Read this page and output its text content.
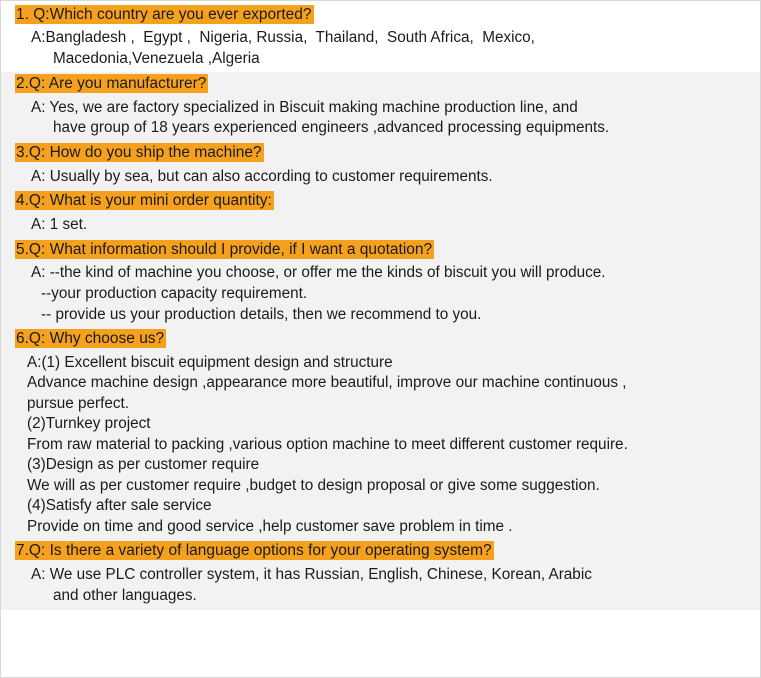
1. Q:Which country are you ever exported?
A:Bangladesh ,  Egypt ,  Nigeria, Russia,  Thailand,  South Africa,  Mexico,
Macedonia,Venezuela ,Algeria
2.Q: Are you manufacturer?
A: Yes, we are factory specialized in Biscuit making machine production line, and
have group of 18 years experienced engineers ,advanced processing equipments.
3.Q: How do you ship the machine?
A: Usually by sea, but can also according to customer requirements.
4.Q: What is your mini order quantity:
A: 1 set.
5.Q: What information should I provide, if I want a quotation?
A: --the kind of machine you choose, or offer me the kinds of biscuit you will produce.
--your production capacity requirement.
-- provide us your production details, then we recommend to you.
6.Q: Why choose us?
A:(1) Excellent biscuit equipment design and structure
Advance machine design ,appearance more beautiful, improve our machine continuous ,
pursue perfect.
(2)Turnkey project
From raw material to packing ,various option machine to meet different customer require.
(3)Design as per customer require
We will as per customer require ,budget to design proposal or give some suggestion.
(4)Satisfy after sale service
Provide on time and good service ,help customer save problem in time .
7.Q: Is there a variety of language options for your operating system?
A: We use PLC controller system, it has Russian, English, Chinese, Korean, Arabic
and other languages.
